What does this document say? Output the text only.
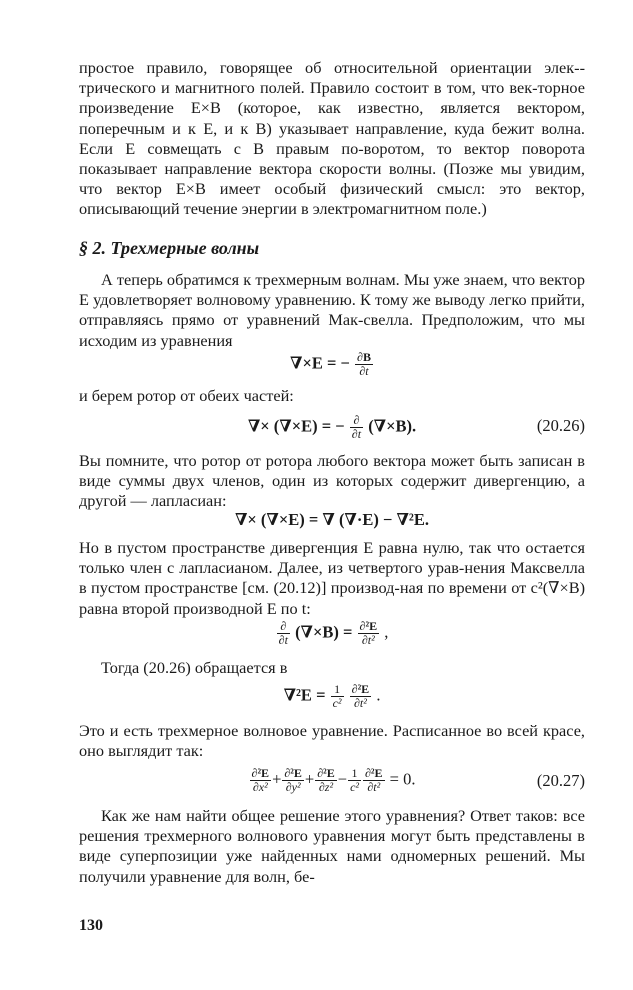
простое правило, говорящее об относительной ориентации элек-трического и магнитного полей. Правило состоит в том, что век-торное произведение E×B (которое, как известно, является вектором, поперечным и к E, и к B) указывает направление, куда бежит волна. Если E совмещать с B правым по-воротом, то вектор поворота показывает направление вектора скорости волны. (Позже мы увидим, что вектор E×B имеет особый физический смысл: это вектор, описывающий течение энергии в электромагнитном поле.)

§ 2. Трехмерные волны

А теперь обратимся к трехмерным волнам. Мы уже знаем, что вектор E удовлетворяет волновому уравнению. К тому же выводу легко прийти, отправляясь прямо от уравнений Мак-свелла. Предположим, что мы исходим из уравнения

∇×E = − $\frac{\partial B}{\partial t}$

и берем ротор от обеих частей:

∇× (∇×E) = − $\frac{\partial}{\partial t} (\nabla\times B)$.	(20.26)

Вы помните, что ротор от ротора любого вектора может быть записан в виде суммы двух членов, один из которых содержит дивергенцию, а другой — лапласиан:

∇× (∇×E) = ∇ (∇·E) − ∇²E.

Но в пустом пространстве дивергенция E равна нулю, так что остается только член с лапласианом. Далее, из четвертого урав-нения Максвелла в пустом пространстве [см. (20.12)] производ-ная по времени от c²(∇×B) равна второй производной E по t:

$\frac{\partial}{\partial t} (\nabla\times B) = \frac{\text{∂²E}}{\text{∂t²}}$ ,

Тогда (20.26) обращается в

$\nabla^2E = \frac{1}{\text{c²}}$
$\frac{\text{∂²E}}{\text{∂t²}}$ .

Это и есть трехмерное волновое уравнение. Расписанное во всей красе, оно выглядит так:

$\frac{\text{∂²E}}{\text{∂x²}} + \frac{\text{∂²E}}{\text{∂y²}} + \frac{\text{∂²E}}{\text{∂z²}} - \frac{1}{\text{c²}} \frac{\text{∂²E}}{\text{∂t²}} = 0$.	(20.27)

Как же нам найти общее решение этого уравнения? Ответ таков: все решения трехмерного волнового уравнения могут быть представлены в виде суперпозиции уже найденных нами одномерных решений. Мы получили уравнение для волн, бе-

130
